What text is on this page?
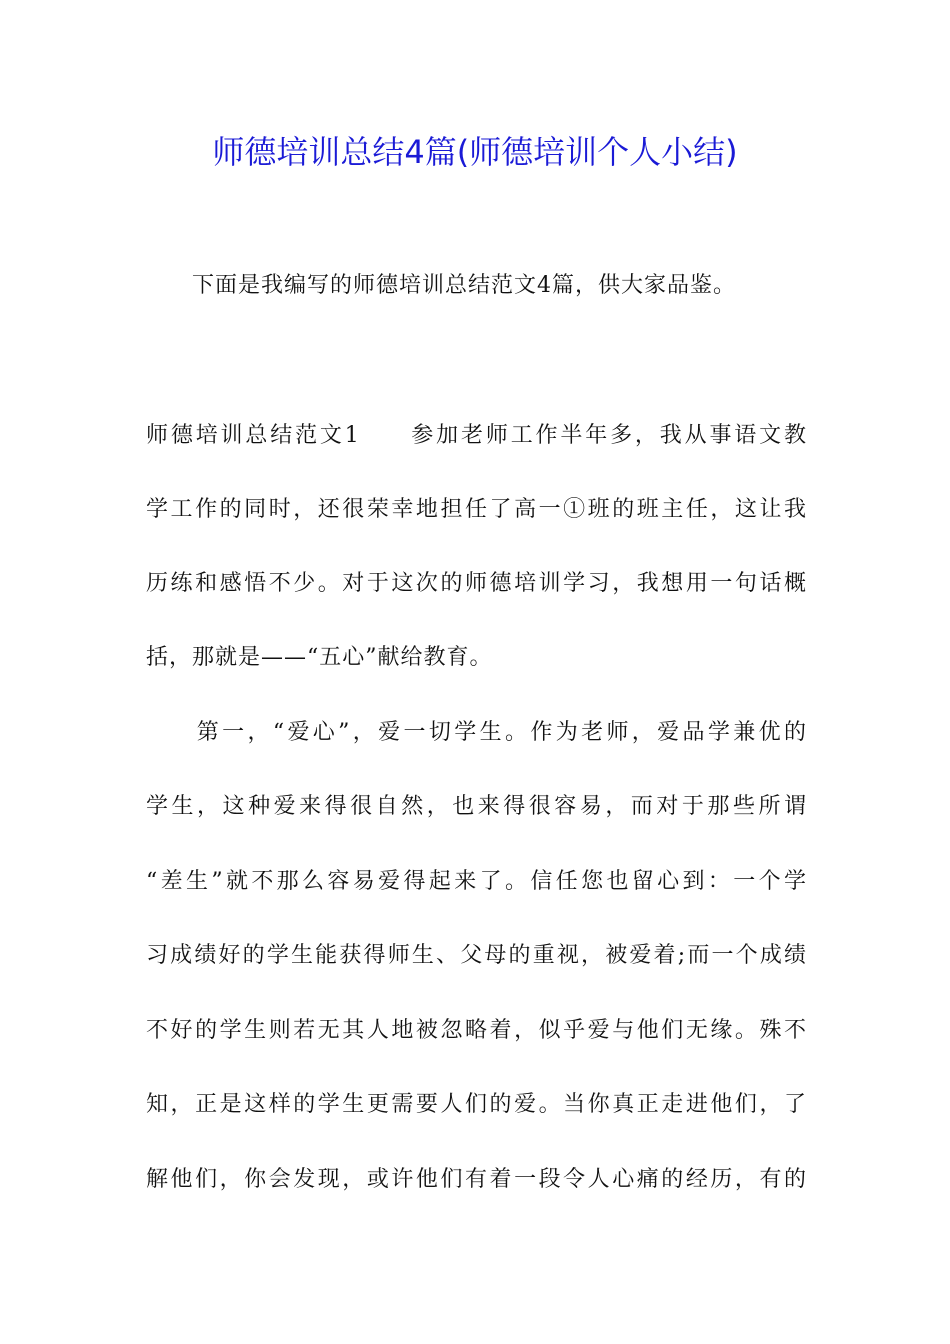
师德培训总结4篇(师德培训个人小结)
下面是我编写的师德培训总结范文4篇，供大家品鉴。
师德培训总结范文1　　参加老师工作半年多，我从事语文教
学工作的同时，还很荣幸地担任了高一①班的班主任，这让我
历练和感悟不少。对于这次的师德培训学习，我想用一句话概
括，那就是——“五心”献给教育。
　　第一，“爱心”，爱一切学生。作为老师，爱品学兼优的
学生，这种爱来得很自然，也来得很容易，而对于那些所谓
“差生”就不那么容易爱得起来了。信任您也留心到：一个学
习成绩好的学生能获得师生、父母的重视，被爱着;而一个成绩
不好的学生则若无其人地被忽略着，似乎爱与他们无缘。殊不
知，正是这样的学生更需要人们的爱。当你真正走进他们，了
解他们，你会发现，或许他们有着一段令人心痛的经历，有的
